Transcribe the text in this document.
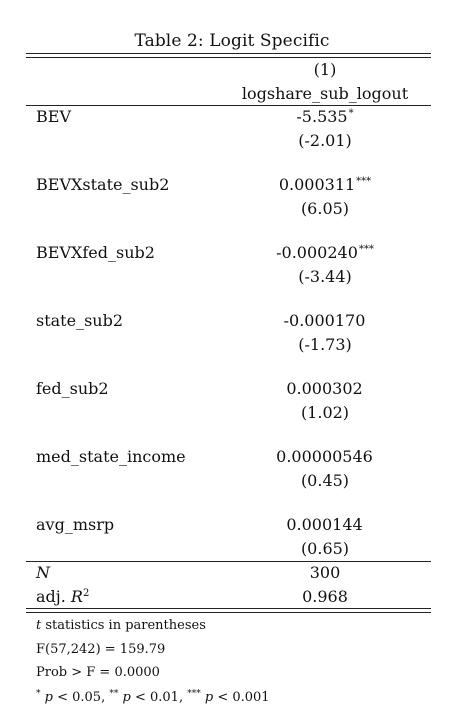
Table 2: Logit Specific
(1)
logshare_sub_logout
BEV	-5.535*
(-2.01)
BEVXstate_sub2	0.000311***
(6.05)
BEVXfed_sub2	-0.000240***
(-3.44)
state_sub2	-0.000170
(-1.73)
fed_sub2	0.000302
(1.02)
med_state_income	0.00000546
(0.45)
avg_msrp	0.000144
(0.65)
N	300
adj. $R^2$	0.968
t statistics in parentheses
F(57,242) = 159.79
Prob > F = 0.0000
* p < 0.05, ** p < 0.01, *** p < 0.001
